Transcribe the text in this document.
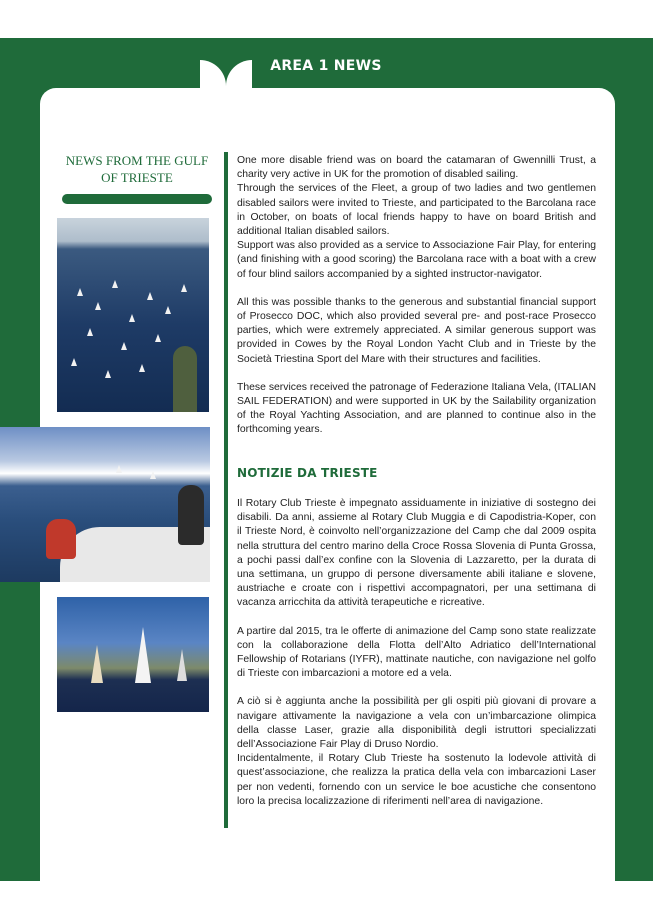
AREA 1 NEWS
NEWS FROM THE GULF OF TRIESTE

One more disable friend was on board the catamaran of Gwennilli Trust, a charity very active in UK for the promotion of disabled sailing.

Through the services of the Fleet, a group of two ladies and two gentlemen disabled sailors were invited to Trieste, and participated to the Barcolana race in October, on boats of local friends happy to have on board British and additional Italian disabled sailors.

Support was also provided as a service to Associazione Fair Play, for entering (and finishing with a good scoring) the Barcolana race with a boat with a crew of four blind sailors accompanied by a sighted instructor-navigator.

All this was possible thanks to the generous and substantial financial support of Prosecco DOC, which also provided several pre- and post-race Prosecco parties, which were extremely appreciated. A similar generous support was provided in Cowes by the Royal London Yacht Club and in Trieste by the Società Triestina Sport del Mare with their structures and facilities.

These services received the patronage of Federazione Italiana Vela, (ITALIAN SAIL FEDERATION) and were supported in UK by the Sailability organization of the Royal Yachting Association, and are planned to continue also in the forthcoming years.

NOTIZIE DA TRIESTE

Il Rotary Club Trieste è impegnato assiduamente in iniziative di sostegno dei disabili. Da anni, assieme al Rotary Club Muggia e di Capodistria-Koper, con il Trieste Nord, è coinvolto nell’organizzazione del Camp che dal 2009 ospita nella struttura del centro marino della Croce Rossa Slovenia di Punta Grossa, a pochi passi dall’ex confine con la Slovenia di Lazzaretto, per la durata di una settimana, un gruppo di persone diversamente abili italiane e slovene, austriache e croate con i rispettivi accompagnatori, per una settimana di vacanza arricchita da attività terapeutiche e ricreative.

A partire dal 2015, tra le offerte di animazione del Camp sono state realizzate con la collaborazione della Flotta dell’Alto Adriatico dell’International Fellowship of Rotarians (IYFR), mattinate nautiche, con navigazione nel golfo di Trieste con imbarcazioni a motore ed a vela.

A ciò si è aggiunta anche la possibilità per gli ospiti più giovani di provare a navigare attivamente la navigazione a vela con un’imbarcazione olimpica della classe Laser, grazie alla disponibilità degli istruttori specializzati dell’Associazione Fair Play di Druso Nordio.

Incidentalmente, il Rotary Club Trieste ha sostenuto la lodevole attività di quest’associazione, che realizza la pratica della vela con imbarcazioni Laser per non vedenti, fornendo con un service le boe acustiche che consentono loro la precisa localizzazione di riferimenti nell’area di navigazione.

December $2017 - N^O$ 108
